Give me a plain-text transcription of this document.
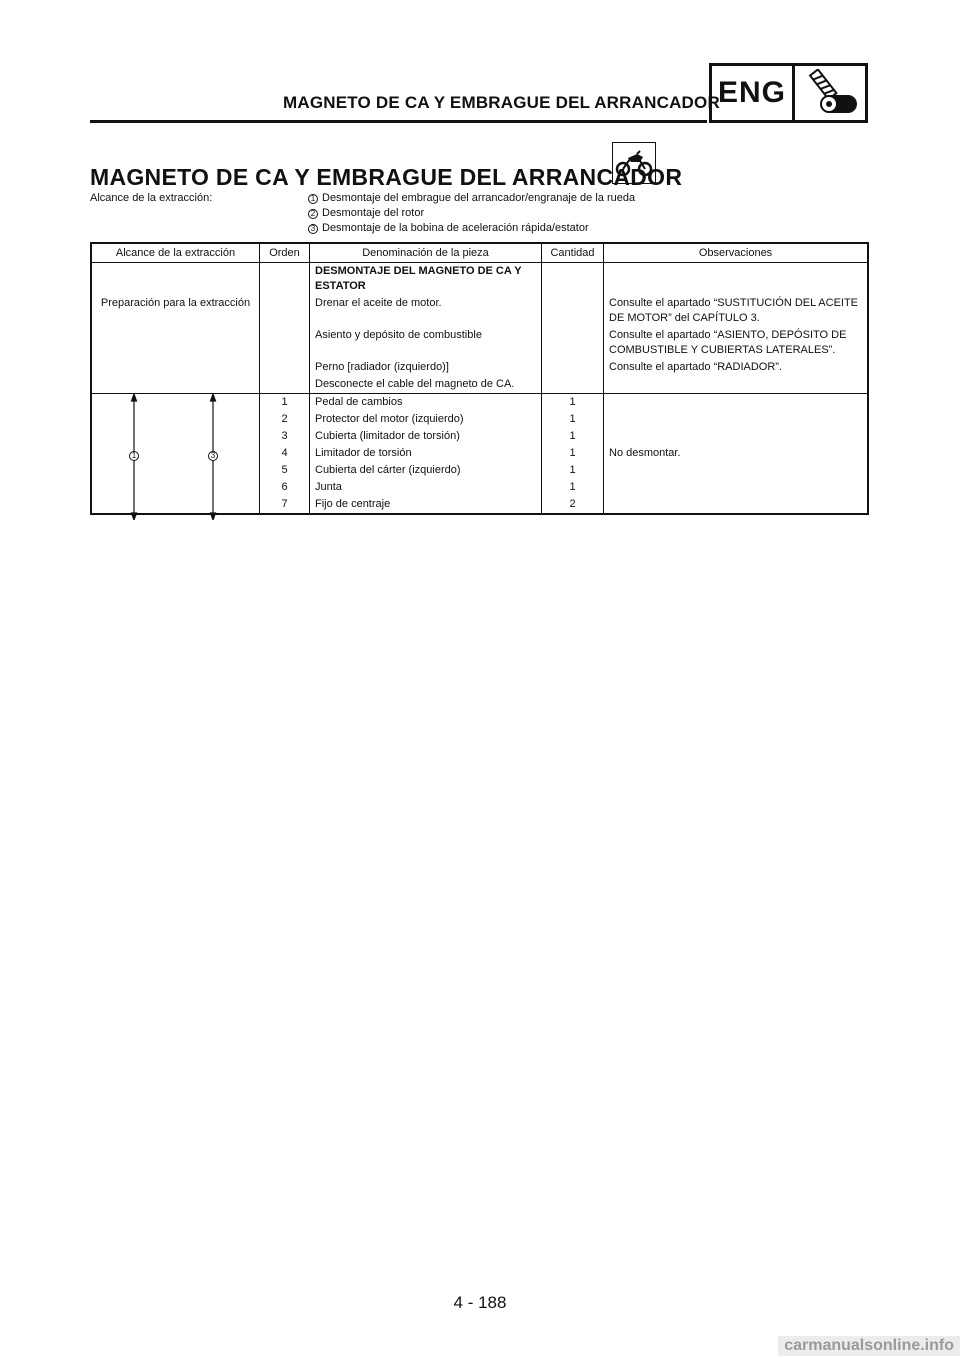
MAGNETO DE CA Y EMBRAGUE DEL ARRANCADOR
ENG
MAGNETO DE CA Y EMBRAGUE DEL ARRANCADOR
Alcance de la extracción:	1 Desmontaje del embrague del arrancador/engranaje de la rueda
2 Desmontaje del rotor
3 Desmontaje de la bobina de aceleración rápida/estator
Alcance de la extracción	Orden	Denominación de la pieza	Cantidad	Observaciones
		DESMONTAJE DEL MAGNETO DE CA Y ESTATOR		
Preparación para la extracción		Drenar el aceite de motor.		Consulte el apartado “SUSTITUCIÓN DEL ACEITE DE MOTOR” del CAPÍTULO 3.
		Asiento y depósito de combustible		Consulte el apartado “ASIENTO, DEPÓSITO DE COMBUSTIBLE Y CUBIERTAS LATERALES”.
		Perno [radiador (izquierdo)]		Consulte el apartado “RADIADOR”.
		Desconecte el cable del magneto de CA.		

1 3	1	Pedal de cambios	1	
	2	Protector del motor (izquierdo)	1	
	3	Cubierta (limitador de torsión)	1	
	4	Limitador de torsión	1	No desmontar.
	5	Cubierta del cárter (izquierdo)	1	
	6	Junta	1	
	7	Fijo de centraje	2	
4 - 188
carmanualsonline.info
